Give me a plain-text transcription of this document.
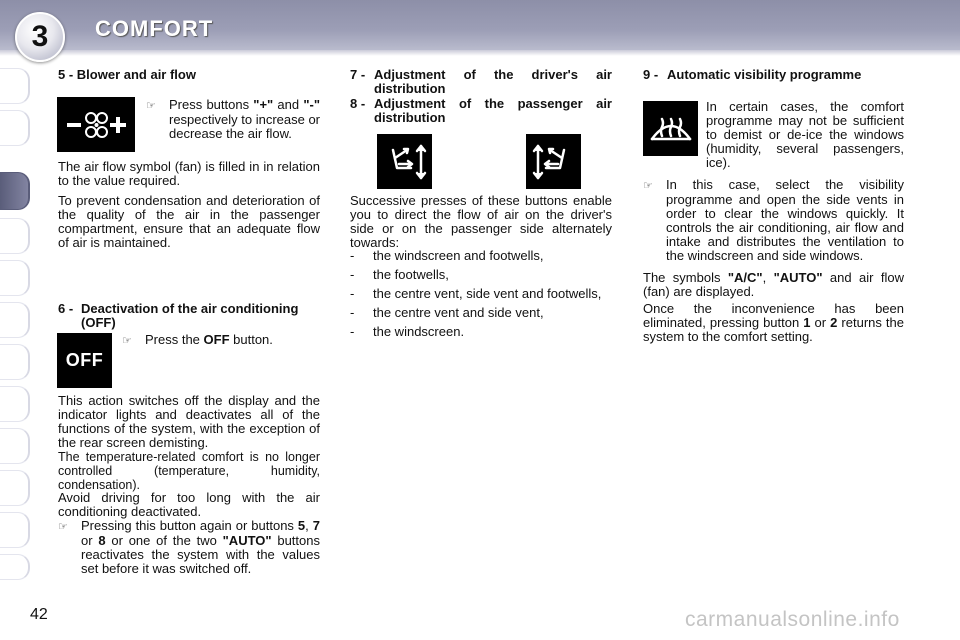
3 COMFORT
5 - Blower and air flow
☞ Press buttons "+" and "-" respectively to increase or decrease the air flow.
The air flow symbol (fan) is filled in in relation to the value required.
To prevent condensation and deterioration of the quality of the air in the passenger compartment, ensure that an adequate flow of air is maintained.
6 - Deactivation of the air conditioning (OFF)
OFF
☞ Press the OFF button.
This action switches off the display and the indicator lights and deactivates all of the functions of the system, with the exception of the rear screen demisting.
The temperature-related comfort is no longer controlled (temperature, humidity, condensation).
Avoid driving for too long with the air conditioning deactivated.
☞ Pressing this button again or buttons 5, 7 or 8 or one of the two "AUTO" buttons reactivates the system with the values set before it was switched off.
7 - Adjustment of the driver's air distribution
8 - Adjustment of the passenger air distribution
Successive presses of these buttons enable you to direct the flow of air on the driver's side or on the passenger side alternately towards:
- the windscreen and footwells,
- the footwells,
- the centre vent, side vent and footwells,
- the centre vent and side vent,
- the windscreen.
9 - Automatic visibility programme
In certain cases, the comfort programme may not be sufficient to demist or de-ice the windows (humidity, several passengers, ice).
☞ In this case, select the visibility programme and open the side vents in order to clear the windows quickly. It controls the air conditioning, air flow and intake and distributes the ventilation to the windscreen and side windows.
The symbols "A/C", "AUTO" and air flow (fan) are displayed.
Once the inconvenience has been eliminated, pressing button 1 or 2 returns the system to the comfort setting.
42	carmanualsonline.info
